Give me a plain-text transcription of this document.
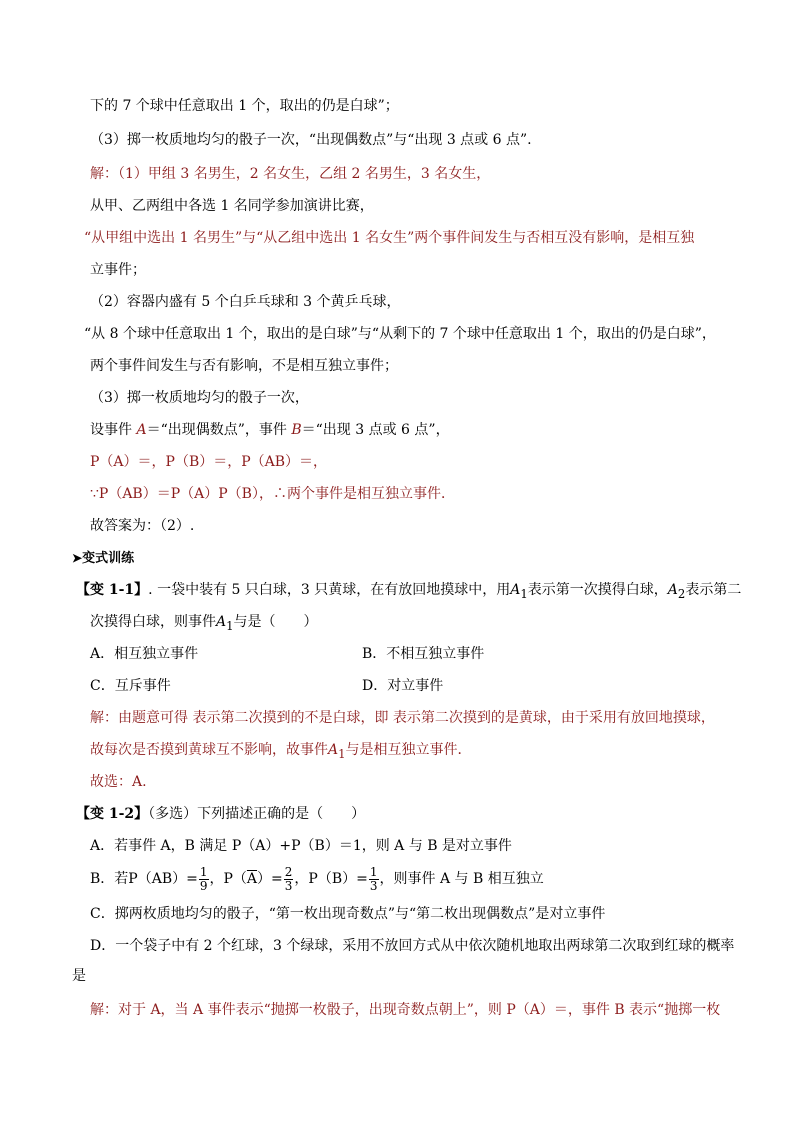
下的 7 个球中任意取出 1 个，取出的仍是白球”；
（3）掷一枚质地均匀的骰子一次，“出现偶数点”与“出现 3 点或 6 点”.
解：（1）甲组 3 名男生，2 名女生，乙组 2 名男生，3 名女生，
从甲、乙两组中各选 1 名同学参加演讲比赛，
“从甲组中选出 1 名男生”与“从乙组中选出 1 名女生”两个事件间发生与否相互没有影响，是相互独
立事件；
（2）容器内盛有 5 个白乒乓球和 3 个黄乒乓球，
“从 8 个球中任意取出 1 个，取出的是白球”与“从剩下的 7 个球中任意取出 1 个，取出的仍是白球”，
两个事件间发生与否有影响，不是相互独立事件；
（3）掷一枚质地均匀的骰子一次，
设事件 A＝“出现偶数点”，事件 B＝“出现 3 点或 6 点”，
P（A）＝，P（B）＝，P（AB）＝，
∵P（AB）＝P（A）P（B），∴两个事件是相互独立事件．
故答案为：（2）.
➤变式训练
【变 1-1】. 一袋中装有 5 只白球，3 只黄球，在有放回地摸球中，用$A_1$表示第一次摸得白球，$A_2$表示第二
次摸得白球，则事件$A_1$与是（　　）
A．相互独立事件	B．不相互独立事件
C．互斥事件	D．对立事件
解：由题意可得 表示第二次摸到的不是白球，即 表示第二次摸到的是黄球，由于采用有放回地摸球，
故每次是否摸到黄球互不影响，故事件$A_1$与是相互独立事件．
故选：A.
【变 1-2】（多选）下列描述正确的是（　　）
A．若事件 A，B 满足 P（A）+P（B）＝1，则 A 与 B 是对立事件
B．若$P(AB)= \frac{1}{9}$ ，$P(\overline{A})= \frac{2}{3}$ ，$P(B)= \frac{1}{3}$ ，则事件 A 与 B 相互独立
C．掷两枚质地均匀的骰子，“第一枚出现奇数点”与“第二枚出现偶数点”是对立事件
D．一个袋子中有 2 个红球，3 个绿球，采用不放回方式从中依次随机地取出两球第二次取到红球的概率
是
解：对于 A，当 A 事件表示“抛掷一枚骰子，出现奇数点朝上”，则 P（A）＝，事件 B 表示“抛掷一枚
